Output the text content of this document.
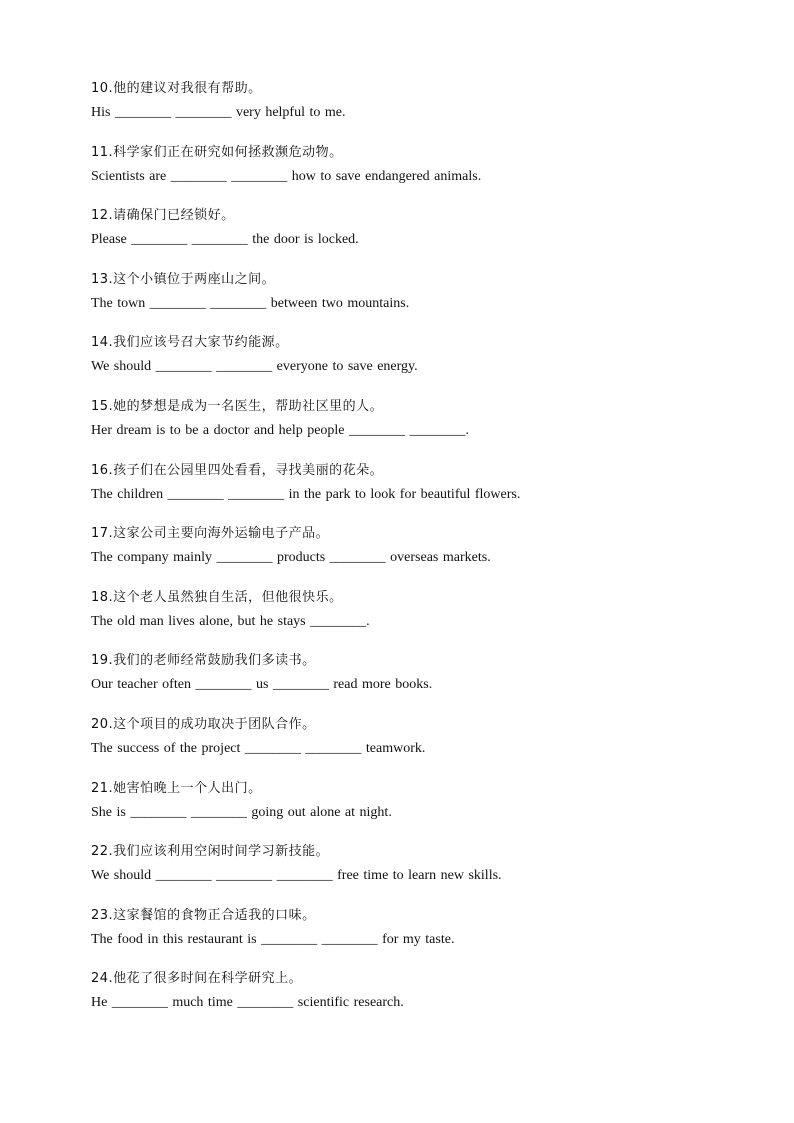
10.他的建议对我很有帮助。
His ________ ________ very helpful to me.
11.科学家们正在研究如何拯救濒危动物。
Scientists are ________ ________ how to save endangered animals.
12.请确保门已经锁好。
Please ________ ________ the door is locked.
13.这个小镇位于两座山之间。
The town ________ ________ between two mountains.
14.我们应该号召大家节约能源。
We should ________ ________ everyone to save energy.
15.她的梦想是成为一名医生，帮助社区里的人。
Her dream is to be a doctor and help people ________ ________.
16.孩子们在公园里四处看看，寻找美丽的花朵。
The children ________ ________ in the park to look for beautiful flowers.
17.这家公司主要向海外运输电子产品。
The company mainly ________ products ________ overseas markets.
18.这个老人虽然独自生活，但他很快乐。
The old man lives alone, but he stays ________.
19.我们的老师经常鼓励我们多读书。
Our teacher often ________ us ________ read more books.
20.这个项目的成功取决于团队合作。
The success of the project ________ ________ teamwork.
21.她害怕晚上一个人出门。
She is ________ ________ going out alone at night.
22.我们应该利用空闲时间学习新技能。
We should ________ ________ ________ free time to learn new skills.
23.这家餐馆的食物正合适我的口味。
The food in this restaurant is ________ ________ for my taste.
24.他花了很多时间在科学研究上。
He ________ much time ________ scientific research.
